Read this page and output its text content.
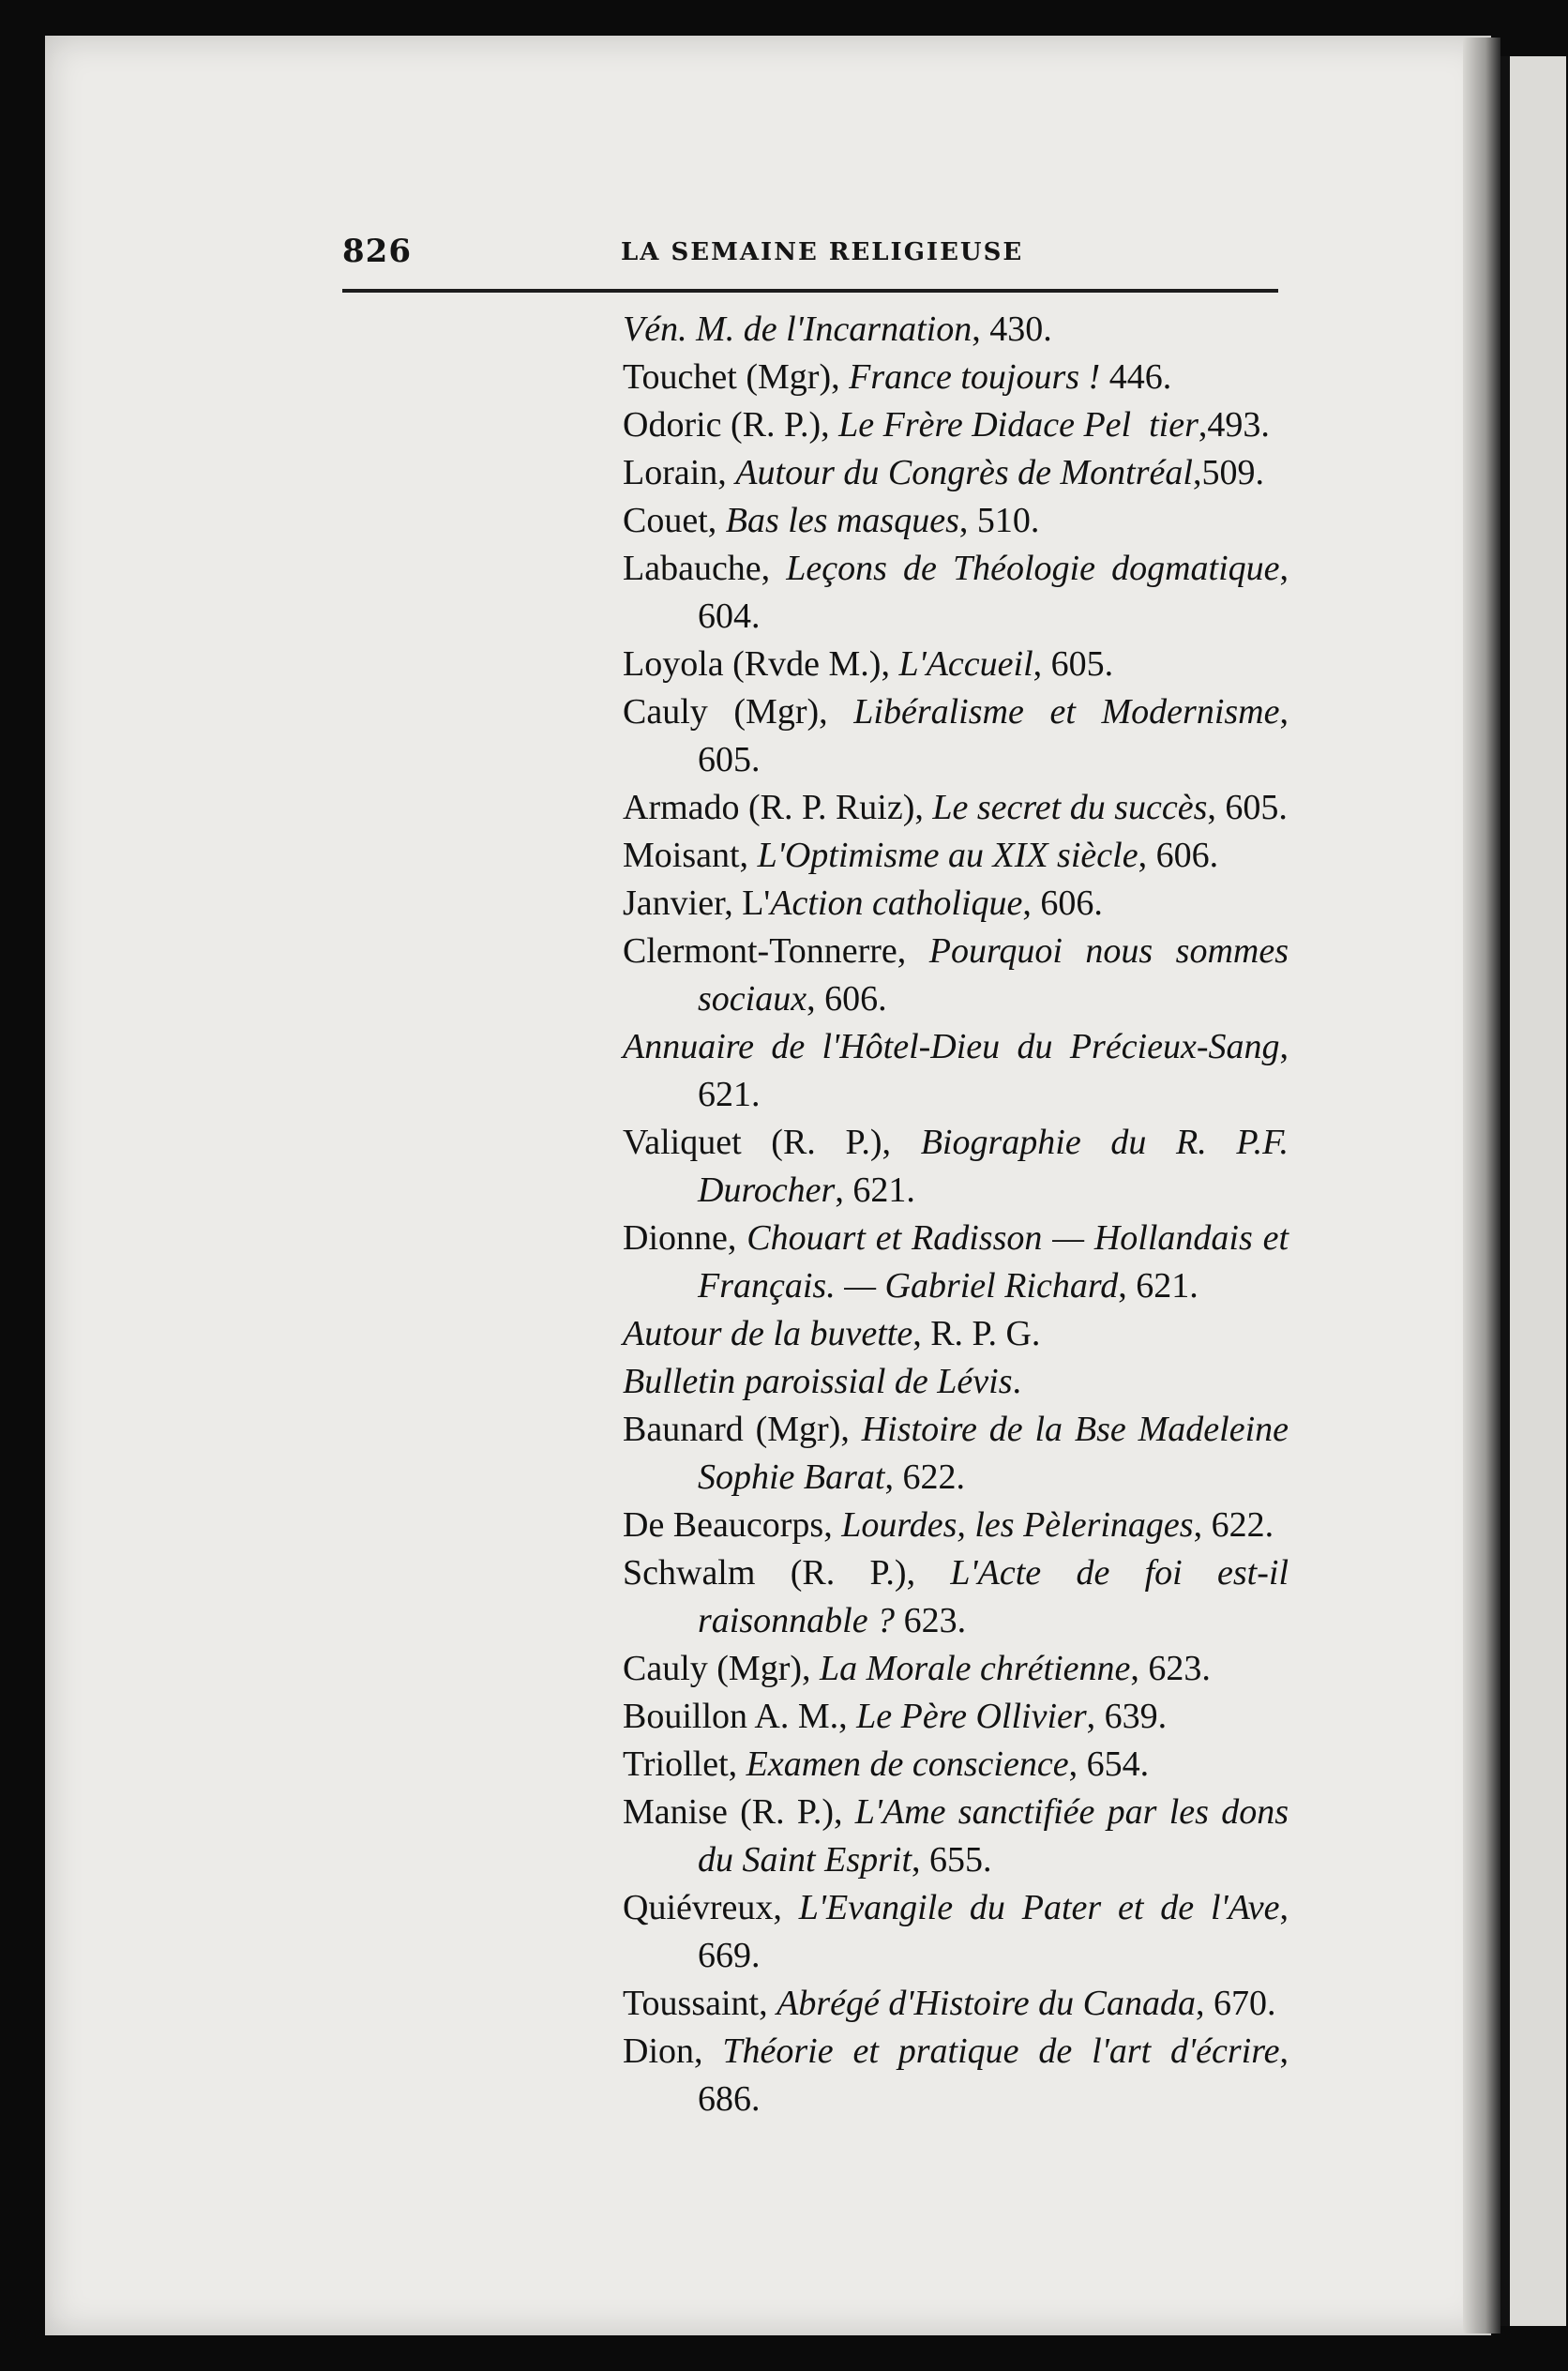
826	LA SEMAINE RELIGIEUSE

Vén. M. de l'Incarnation, 430.

Touchet (Mgr), France toujours ! 446.

Odoric (R. P.), Le Frère Didace Pel  tier,493.

Lorain, Autour du Congrès de Montréal,509.

Couet, Bas les masques, 510.

Labauche, Leçons de Théologie dogmatique, 604.

Loyola (Rvde M.), L'Accueil, 605.

Cauly (Mgr), Libéralisme et Modernisme, 605.

Armado (R. P. Ruiz), Le secret du succès, 605.

Moisant, L'Optimisme au XIX siècle, 606.

Janvier, L'Action catholique, 606.

Clermont-Tonnerre, Pourquoi nous sommes sociaux, 606.

Annuaire de l'Hôtel-Dieu du Précieux-Sang, 621.

Valiquet (R. P.), Biographie du R. P.F. Durocher, 621.

Dionne, Chouart et Radisson — Hollandais et Français. — Gabriel Richard, 621.

Autour de la buvette, R. P. G.

Bulletin paroissial de Lévis.

Baunard (Mgr), Histoire de la Bse Madeleine Sophie Barat, 622.

De Beaucorps, Lourdes, les Pèlerinages, 622.

Schwalm (R. P.), L'Acte de foi est-il raisonnable ? 623.

Cauly (Mgr), La Morale chrétienne, 623.

Bouillon A. M., Le Père Ollivier, 639.

Triollet, Examen de conscience, 654.

Manise (R. P.), L'Ame sanctifiée par les dons du Saint Esprit, 655.

Quiévreux, L'Evangile du Pater et de l'Ave, 669.

Toussaint, Abrégé d'Histoire du Canada, 670.

Dion, Théorie et pratique de l'art d'écrire, 686.
